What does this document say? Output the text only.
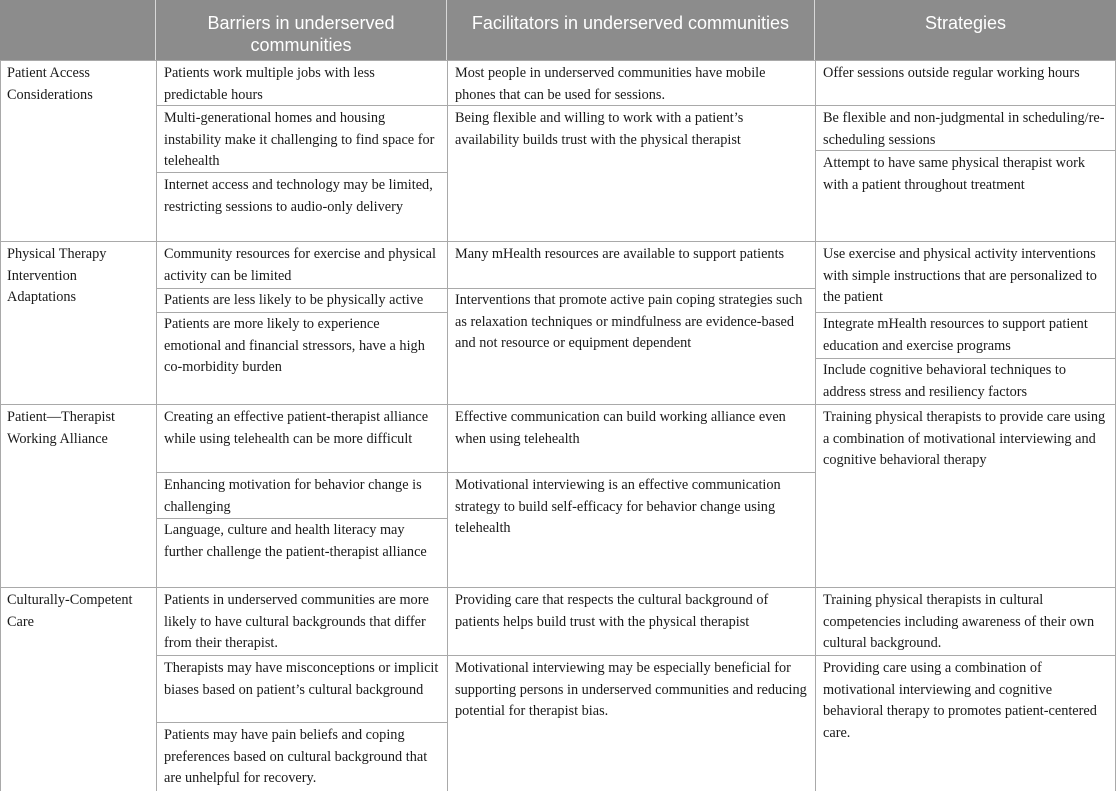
Barriers in underserved communities
Facilitators in underserved communities	Strategies
Patient Access Considerations
Patients work multiple jobs with less predictable hours
Multi-generational homes and housing instability make it challenging to find space for telehealth
Internet access and technology may be limited, restricting sessions to audio-only delivery
Most people in underserved communities have mobile phones that can be used for sessions.
Being flexible and willing to work with a patient’s availability builds trust with the physical therapist
Offer sessions outside regular working hours
Be flexible and non-judgmental in scheduling/re-scheduling sessions
Attempt to have same physical therapist work with a patient throughout treatment
Physical Therapy Intervention Adaptations
Community resources for exercise and physical activity can be limited
Patients are less likely to be physically active
Patients are more likely to experience emotional and financial stressors, have a high co-morbidity burden
Many mHealth resources are available to support patients
Interventions that promote active pain coping strategies such as relaxation techniques or mindfulness are evidence-based and not resource or equipment dependent
Use exercise and physical activity interventions with simple instructions that are personalized to the patient
Integrate mHealth resources to support patient education and exercise programs
Include cognitive behavioral techniques to address stress and resiliency factors
Patient—Therapist Working Alliance
Creating an effective patient-therapist alliance while using telehealth can be more difficult
Enhancing motivation for behavior change is challenging
Language, culture and health literacy may further challenge the patient-therapist alliance
Effective communication can build working alliance even when using telehealth
Motivational interviewing is an effective communication strategy to build self-efficacy for behavior change using telehealth
Training physical therapists to provide care using a combination of motivational interviewing and cognitive behavioral therapy
Culturally-Competent Care
Patients in underserved communities are more likely to have cultural backgrounds that differ from their therapist.
Therapists may have misconceptions or implicit biases based on patient’s cultural background
Patients may have pain beliefs and coping preferences based on cultural background that are unhelpful for recovery.
Providing care that respects the cultural background of patients helps build trust with the physical therapist
Motivational interviewing may be especially beneficial for supporting persons in underserved communities and reducing potential for therapist bias.
Training physical therapists in cultural competencies including awareness of their own cultural background.
Providing care using a combination of motivational interviewing and cognitive behavioral therapy to promotes patient-centered care.
